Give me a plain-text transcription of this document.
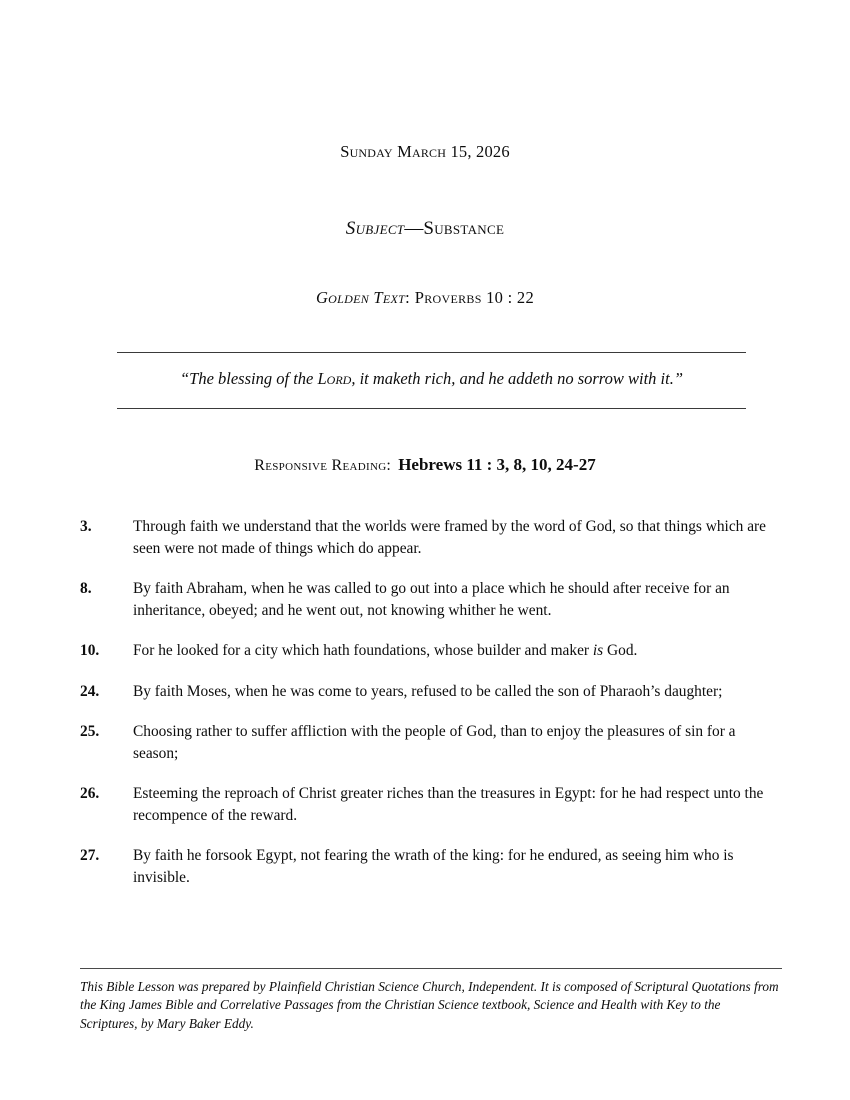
Sunday March 15, 2026
Subject—Substance
Golden Text: Proverbs 10 : 22
“The blessing of the Lord, it maketh rich, and he addeth no sorrow with it.”
Responsive Reading: Hebrews 11 : 3, 8, 10, 24-27
3.	Through faith we understand that the worlds were framed by the word of God, so that things which are seen were not made of things which do appear.
8.	By faith Abraham, when he was called to go out into a place which he should after receive for an inheritance, obeyed; and he went out, not knowing whither he went.
10. For he looked for a city which hath foundations, whose builder and maker is God.
24. By faith Moses, when he was come to years, refused to be called the son of Pharaoh’s daughter;
25. Choosing rather to suffer affliction with the people of God, than to enjoy the pleasures of sin for a season;
26. Esteeming the reproach of Christ greater riches than the treasures in Egypt: for he had respect unto the recompence of the reward.
27. By faith he forsook Egypt, not fearing the wrath of the king: for he endured, as seeing him who is invisible.
This Bible Lesson was prepared by Plainfield Christian Science Church, Independent. It is composed of Scriptural Quotations from the King James Bible and Correlative Passages from the Christian Science textbook, Science and Health with Key to the Scriptures, by Mary Baker Eddy.
